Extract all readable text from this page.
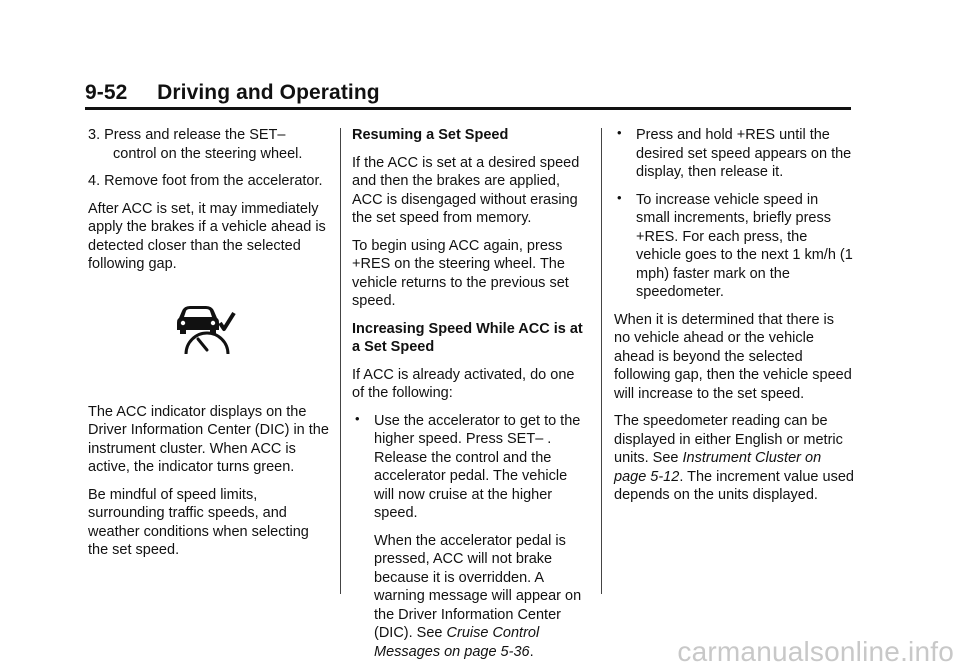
9-52     Driving and Operating

3. Press and release the SET– control on the steering wheel.

4. Remove foot from the accelerator.

After ACC is set, it may immediately apply the brakes if a vehicle ahead is detected closer than the selected following gap.

The ACC indicator displays on the Driver Information Center (DIC) in the instrument cluster. When ACC is active, the indicator turns green.

Be mindful of speed limits, surrounding traffic speeds, and weather conditions when selecting the set speed.

Resuming a Set Speed

If the ACC is set at a desired speed and then the brakes are applied, ACC is disengaged without erasing the set speed from memory.

To begin using ACC again, press +RES on the steering wheel. The vehicle returns to the previous set speed.

Increasing Speed While ACC is at a Set Speed

If ACC is already activated, do one of the following:

• Use the accelerator to get to the higher speed. Press SET– . Release the control and the accelerator pedal. The vehicle will now cruise at the higher speed.

When the accelerator pedal is pressed, ACC will not brake because it is overridden. A warning message will appear on the Driver Information Center (DIC). See Cruise Control Messages on page 5-36.

• Press and hold +RES until the desired set speed appears on the display, then release it.
• To increase vehicle speed in small increments, briefly press +RES. For each press, the vehicle goes to the next 1 km/h (1 mph) faster mark on the speedometer.

When it is determined that there is no vehicle ahead or the vehicle ahead is beyond the selected following gap, then the vehicle speed will increase to the set speed.

The speedometer reading can be displayed in either English or metric units. See Instrument Cluster on page 5-12. The increment value used depends on the units displayed.

carmanualsonline.info
